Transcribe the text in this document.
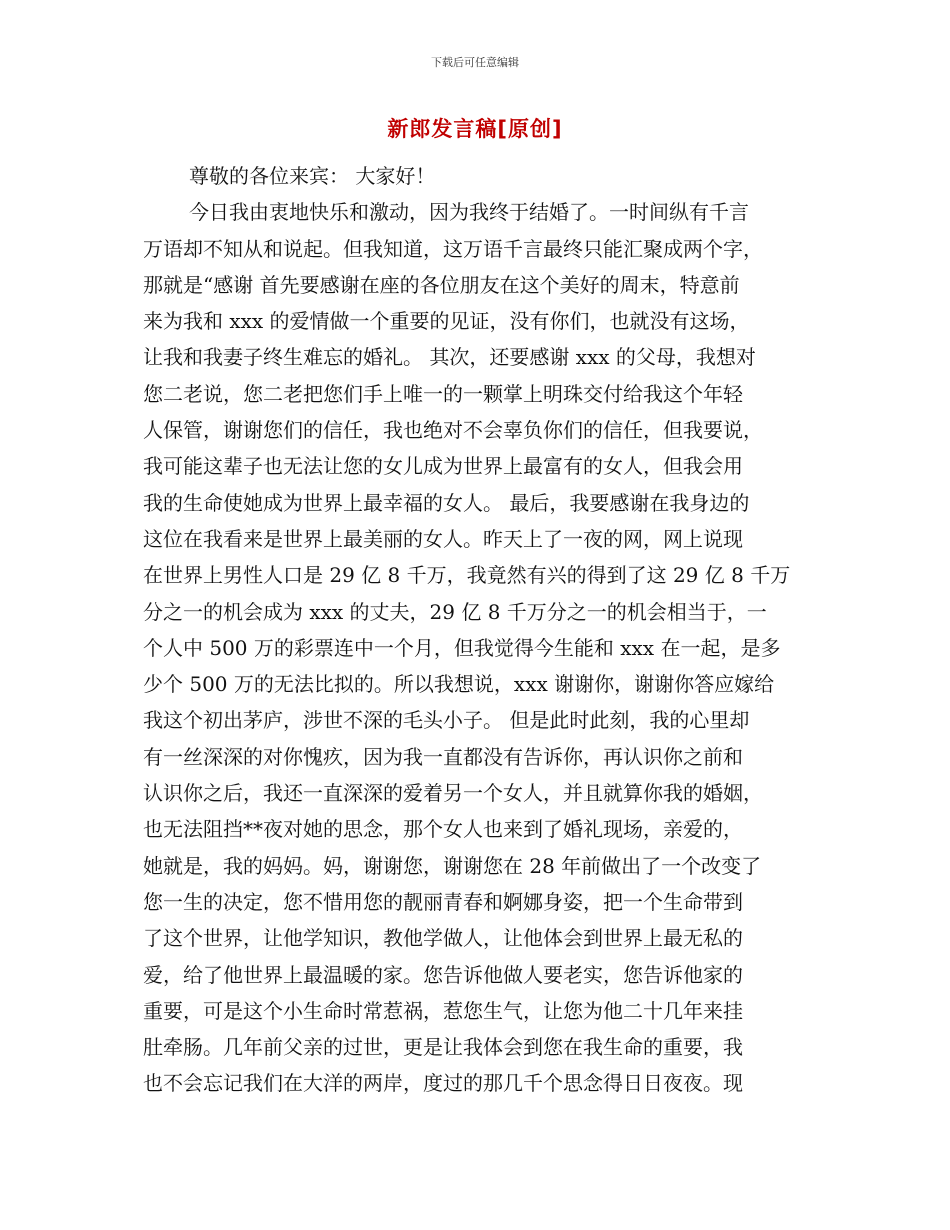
下载后可任意编辑
新郎发言稿[原创]
尊敬的各位来宾： 大家好！
今日我由衷地快乐和激动，因为我终于结婚了。一时间纵有千言
万语却不知从和说起。但我知道，这万语千言最终只能汇聚成两个字，
那就是“感谢 首先要感谢在座的各位朋友在这个美好的周末，特意前
来为我和 xxx 的爱情做一个重要的见证，没有你们，也就没有这场，
让我和我妻子终生难忘的婚礼。 其次，还要感谢 xxx 的父母，我想对
您二老说，您二老把您们手上唯一的一颗掌上明珠交付给我这个年轻
人保管，谢谢您们的信任，我也绝对不会辜负你们的信任，但我要说，
我可能这辈子也无法让您的女儿成为世界上最富有的女人，但我会用
我的生命使她成为世界上最幸福的女人。 最后，我要感谢在我身边的
这位在我看来是世界上最美丽的女人。昨天上了一夜的网，网上说现
在世界上男性人口是 29 亿 8 千万，我竟然有兴的得到了这 29 亿 8 千万
分之一的机会成为 xxx 的丈夫，29 亿 8 千万分之一的机会相当于，一
个人中 500 万的彩票连中一个月，但我觉得今生能和 xxx 在一起，是多
少个 500 万的无法比拟的。所以我想说，xxx 谢谢你，谢谢你答应嫁给
我这个初出茅庐，涉世不深的毛头小子。 但是此时此刻，我的心里却
有一丝深深的对你愧疚，因为我一直都没有告诉你，再认识你之前和
认识你之后，我还一直深深的爱着另一个女人，并且就算你我的婚姻，
也无法阻挡**夜对她的思念，那个女人也来到了婚礼现场，亲爱的，
她就是，我的妈妈。妈，谢谢您，谢谢您在 28 年前做出了一个改变了
您一生的决定，您不惜用您的靓丽青春和婀娜身姿，把一个生命带到
了这个世界，让他学知识，教他学做人，让他体会到世界上最无私的
爱，给了他世界上最温暖的家。您告诉他做人要老实，您告诉他家的
重要，可是这个小生命时常惹祸，惹您生气，让您为他二十几年来挂
肚牵肠。几年前父亲的过世，更是让我体会到您在我生命的重要，我
也不会忘记我们在大洋的两岸，度过的那几千个思念得日日夜夜。现
